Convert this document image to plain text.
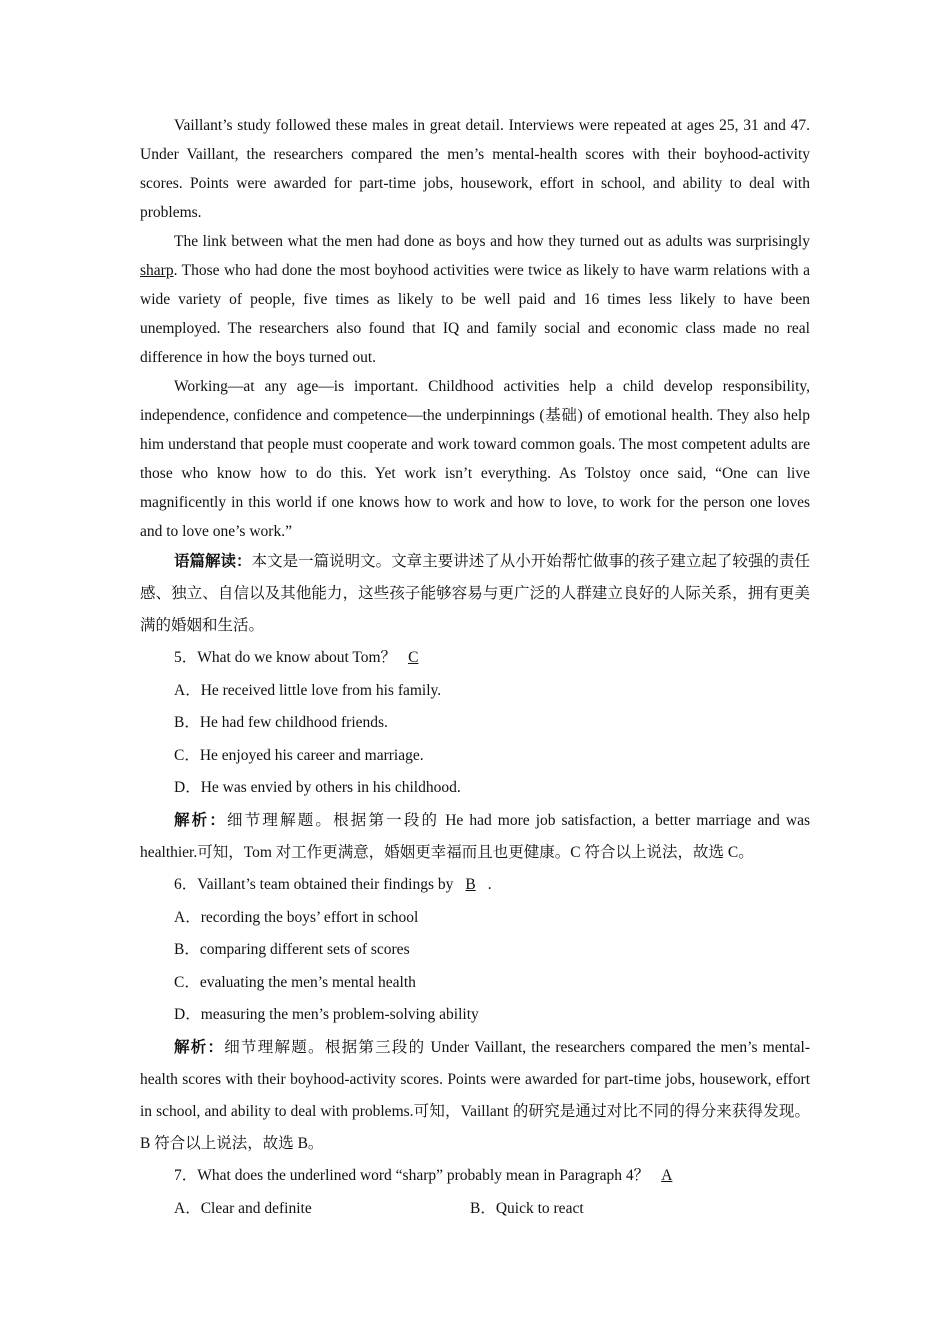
Vaillant’s study followed these males in great detail. Interviews were repeated at ages 25, 31 and 47. Under Vaillant, the researchers compared the men’s mental-health scores with their boyhood-activity scores. Points were awarded for part-time jobs, housework, effort in school, and ability to deal with problems.

The link between what the men had done as boys and how they turned out as adults was surprisingly sharp. Those who had done the most boyhood activities were twice as likely to have warm relations with a wide variety of people, five times as likely to be well paid and 16 times less likely to have been unemployed. The researchers also found that IQ and family social and economic class made no real difference in how the boys turned out.

Working—at any age—is important. Childhood activities help a child develop responsibility, independence, confidence and competence—the underpinnings (基础) of emotional health. They also help him understand that people must cooperate and work toward common goals. The most competent adults are those who know how to do this. Yet work isn’t everything. As Tolstoy once said, “One can live magnificently in this world if one knows how to work and how to love, to work for the person one loves and to love one’s work.”

语篇解读：本文是一篇说明文。文章主要讲述了从小开始帮忙做事的孩子建立起了较强的责任感、独立、自信以及其他能力，这些孩子能够容易与更广泛的人群建立良好的人际关系，拥有更美满的婚姻和生活。

5．What do we know about Tom？ C

A．He received little love from his family.

B．He had few childhood friends.

C．He enjoyed his career and marriage.

D．He was envied by others in his childhood.

解析：细节理解题。根据第一段的 He had more job satisfaction, a better marriage and was healthier.可知，Tom 对工作更满意，婚姻更幸福而且也更健康。C 符合以上说法，故选 C。

6．Vaillant’s team obtained their findings by B .

A．recording the boys’ effort in school

B．comparing different sets of scores

C．evaluating the men’s mental health

D．measuring the men’s problem-solving ability

解析：细节理解题。根据第三段的 Under Vaillant, the researchers compared the men’s mental-health scores with their boyhood-activity scores. Points were awarded for part-time jobs, housework, effort in school, and ability to deal with problems.可知，Vaillant 的研究是通过对比不同的得分来获得发现。B 符合以上说法，故选 B。

7．What does the underlined word “sharp” probably mean in Paragraph 4？ A

A．Clear and definite	B．Quick to react
